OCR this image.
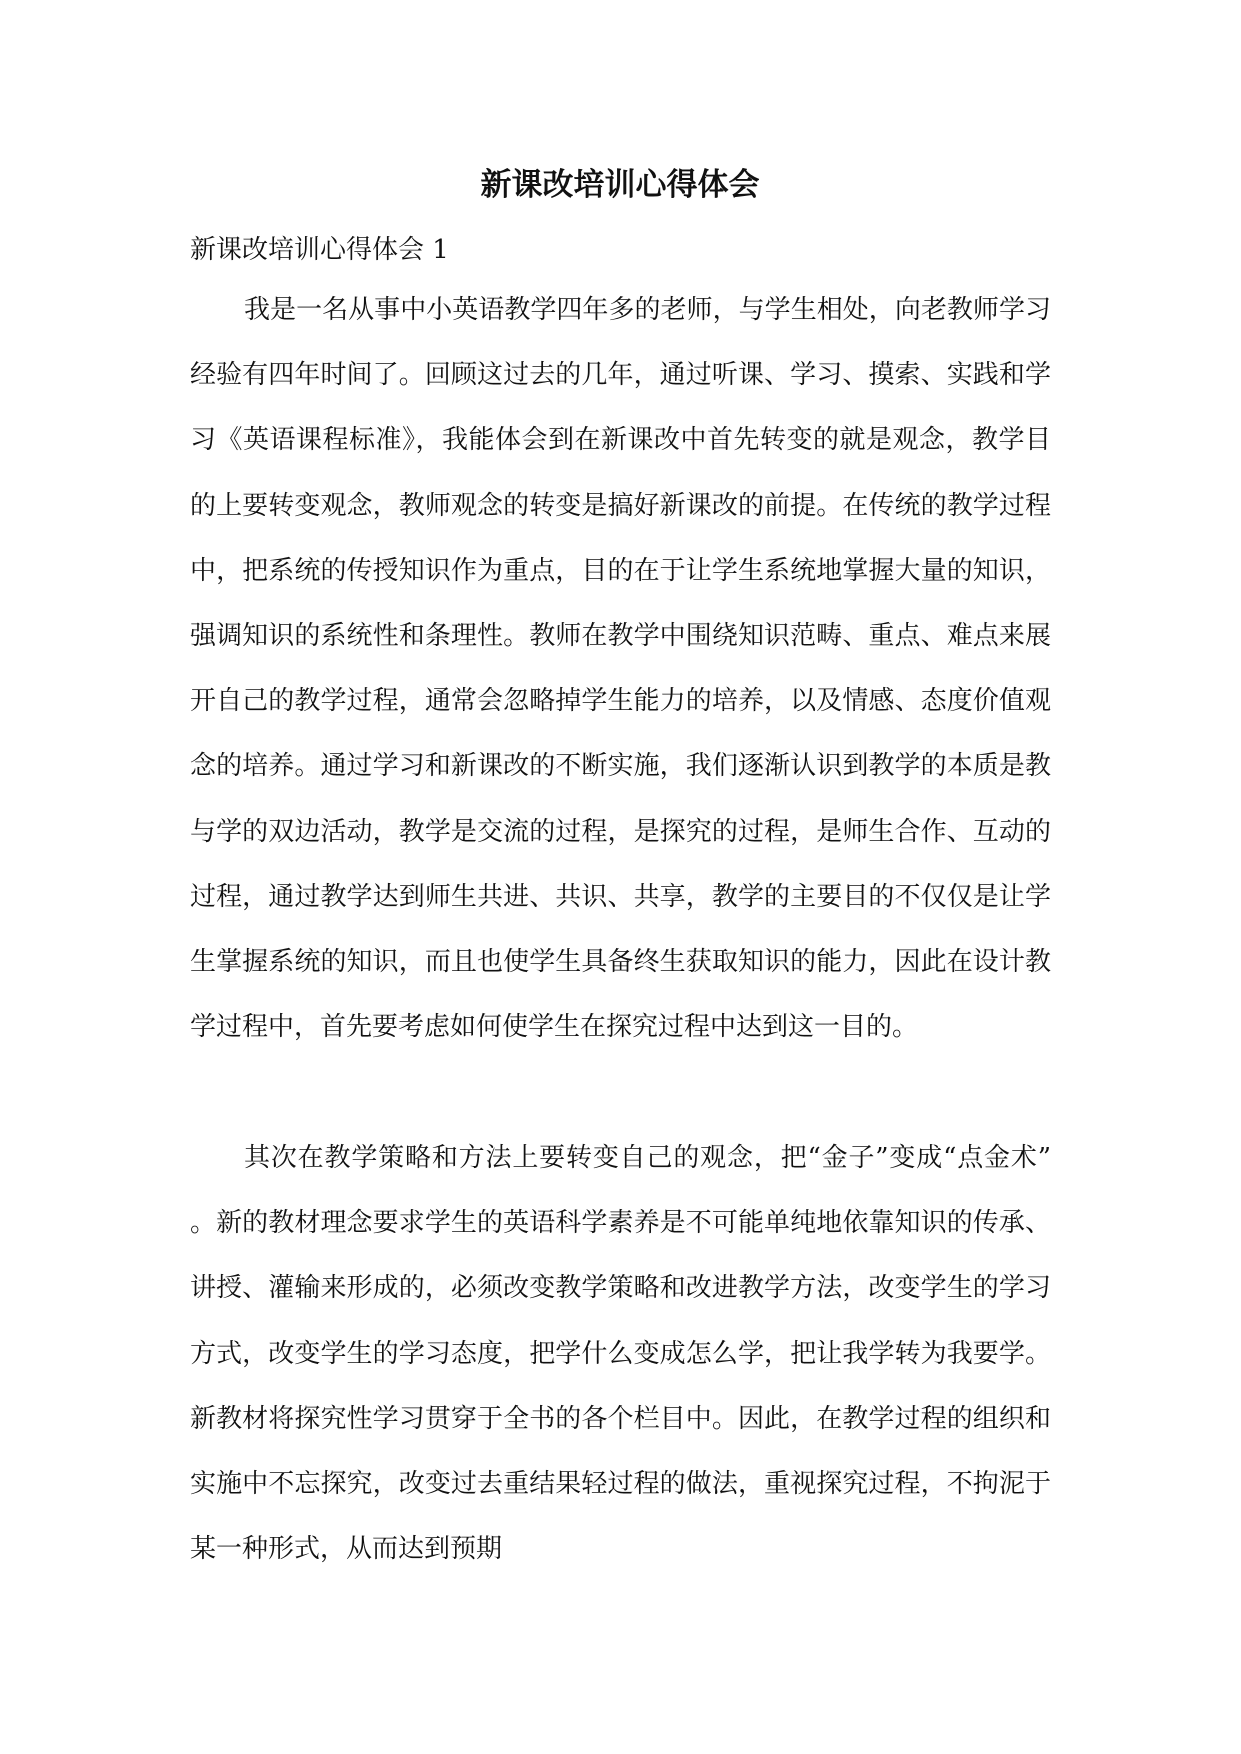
新课改培训心得体会
新课改培训心得体会 1

我是一名从事中小英语教学四年多的老师，与学生相处，向老教师学习经验有四年时间了。回顾这过去的几年，通过听课、学习、摸索、实践和学习《英语课程标准》，我能体会到在新课改中首先转变的就是观念，教学目的上要转变观念，教师观念的转变是搞好新课改的前提。在传统的教学过程中，把系统的传授知识作为重点，目的在于让学生系统地掌握大量的知识，强调知识的系统性和条理性。教师在教学中围绕知识范畴、重点、难点来展开自己的教学过程，通常会忽略掉学生能力的培养，以及情感、态度价值观念的培养。通过学习和新课改的不断实施，我们逐渐认识到教学的本质是教与学的双边活动，教学是交流的过程，是探究的过程，是师生合作、互动的过程，通过教学达到师生共进、共识、共享，教学的主要目的不仅仅是让学生掌握系统的知识，而且也使学生具备终生获取知识的能力，因此在设计教学过程中，首先要考虑如何使学生在探究过程中达到这一目的。

其次在教学策略和方法上要转变自己的观念，把“金子”变成“点金术”。新的教材理念要求学生的英语科学素养是不可能单纯地依靠知识的传承、讲授、灌输来形成的，必须改变教学策略和改进教学方法，改变学生的学习方式，改变学生的学习态度，把学什么变成怎么学，把让我学转为我要学。新教材将探究性学习贯穿于全书的各个栏目中。因此，在教学过程的组织和实施中不忘探究，改变过去重结果轻过程的做法，重视探究过程，不拘泥于某一种形式，从而达到预期
